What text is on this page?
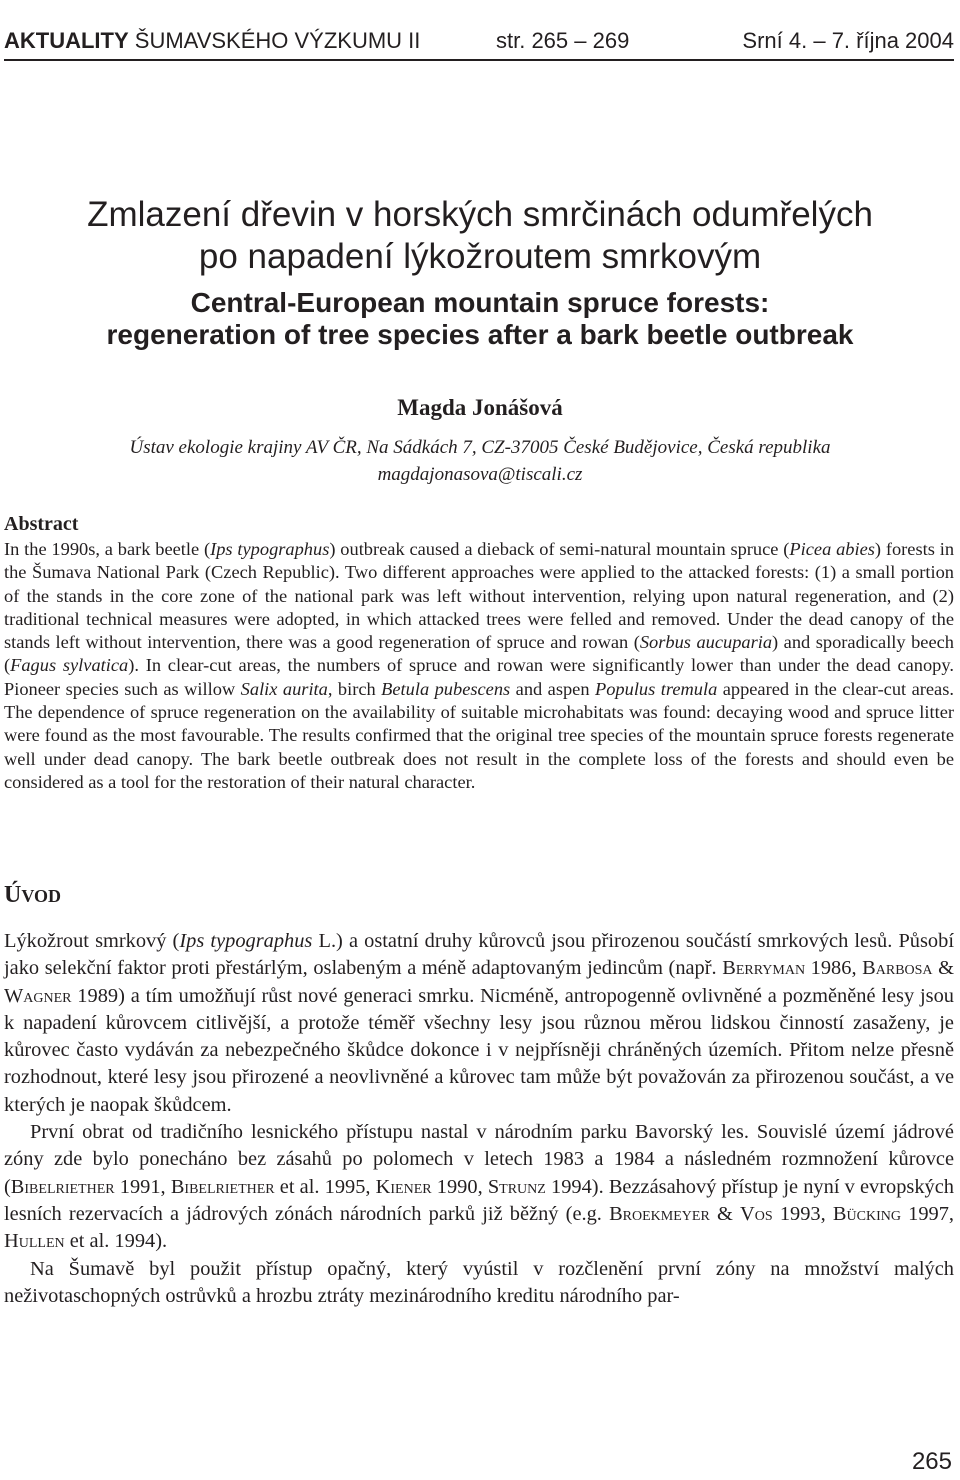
AKTUALITY ŠUMAVSKÉHO VÝZKUMU II	str. 265 – 269	Srní 4. – 7. října 2004
Zmlazení dřevin v horských smrčinách odumřelých
po napadení lýkožroutem smrkovým
Central-European mountain spruce forests:
regeneration of tree species after a bark beetle outbreak
Magda Jonášová
Ústav ekologie krajiny AV ČR, Na Sádkách 7, CZ-37005 České Budějovice, Česká republika
magdajonasova@tiscali.cz
Abstract

In the 1990s, a bark beetle (Ips typographus) outbreak caused a dieback of semi-natural mountain spruce (Picea abies) forests in the Šumava National Park (Czech Republic). Two different approaches were applied to the attacked forests: (1) a small portion of the stands in the core zone of the national park was left without intervention, relying upon natural regeneration, and (2) traditional technical measures were adopted, in which attacked trees were felled and removed. Under the dead canopy of the stands left without intervention, there was a good regeneration of spruce and rowan (Sorbus aucuparia) and sporadically beech (Fagus sylvatica). In clear-cut areas, the numbers of spruce and rowan were significantly lower than under the dead canopy. Pioneer species such as willow Salix aurita, birch Betula pubescens and aspen Populus tremula appeared in the clear-cut areas. The dependence of spruce regeneration on the availability of suitable microhabitats was found: decaying wood and spruce litter were found as the most favourable. The results confirmed that the original tree species of the mountain spruce forests regenerate well under dead canopy. The bark beetle outbreak does not result in the complete loss of the forests and should even be considered as a tool for the restoration of their natural character.

ÚVOD

Lýkožrout smrkový (Ips typographus L.) a ostatní druhy kůrovců jsou přirozenou součástí smrkových lesů. Působí jako selekční faktor proti přestárlým, oslabeným a méně adaptovaným jedincům (např. Berryman 1986, Barbosa & Wagner 1989) a tím umožňují růst nové generaci smrku. Nicméně, antropogenně ovlivněné a pozměněné lesy jsou k napadení kůrovcem citlivější, a protože téměř všechny lesy jsou různou měrou lidskou činností zasaženy, je kůrovec často vydáván za nebezpečného škůdce dokonce i v nejpřísněji chráněných územích. Přitom nelze přesně rozhodnout, které lesy jsou přirozené a neovlivněné a kůrovec tam může být považován za přirozenou součást, a ve kterých je naopak škůdcem.

První obrat od tradičního lesnického přístupu nastal v národním parku Bavorský les. Souvislé území jádrové zóny zde bylo ponecháno bez zásahů po polomech v letech 1983 a 1984 a následném rozmnožení kůrovce (Bibelriether 1991, Bibelriether et al. 1995, Kiener 1990, Strunz 1994). Bezzásahový přístup je nyní v evropských lesních rezervacích a jádrových zónách národních parků již běžný (e.g. Broekmeyer & Vos 1993, Bücking 1997, Hullen et al. 1994).

Na Šumavě byl použit přístup opačný, který vyústil v rozčlenění první zóny na množství malých neživotaschopných ostrůvků a hrozbu ztráty mezinárodního kreditu národního par-

265
